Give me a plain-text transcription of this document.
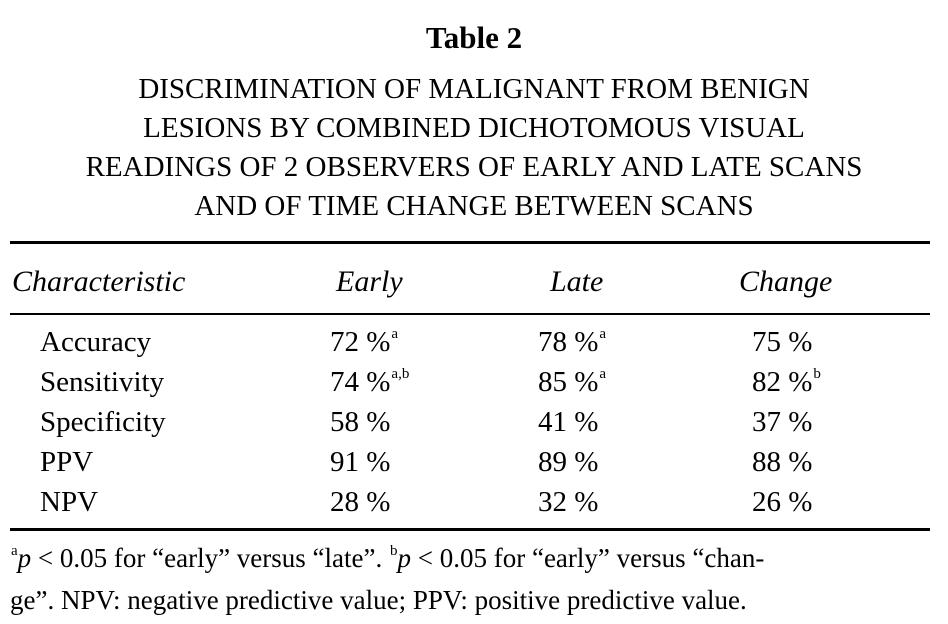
Table 2
DISCRIMINATION OF MALIGNANT FROM BENIGN
LESIONS BY COMBINED DICHOTOMOUS VISUAL
READINGS OF 2 OBSERVERS OF EARLY AND LATE SCANS
AND OF TIME CHANGE BETWEEN SCANS
Characteristic	Early	Late	Change
Accuracy	72 %$^a$	78 %$^a$	75 %
Sensitivity	74 %$^{a,b}$	85 %$^a$	82 %$^b$
Specificity	58 %	41 %	37 %
PPV	91 %	89 %	88 %
NPV	28 %	32 %	26 %
$^a$p < 0.05 for “early” versus “late”. $^b$p < 0.05 for “early” versus “chan-
ge”. NPV: negative predictive value; PPV: positive predictive value.
